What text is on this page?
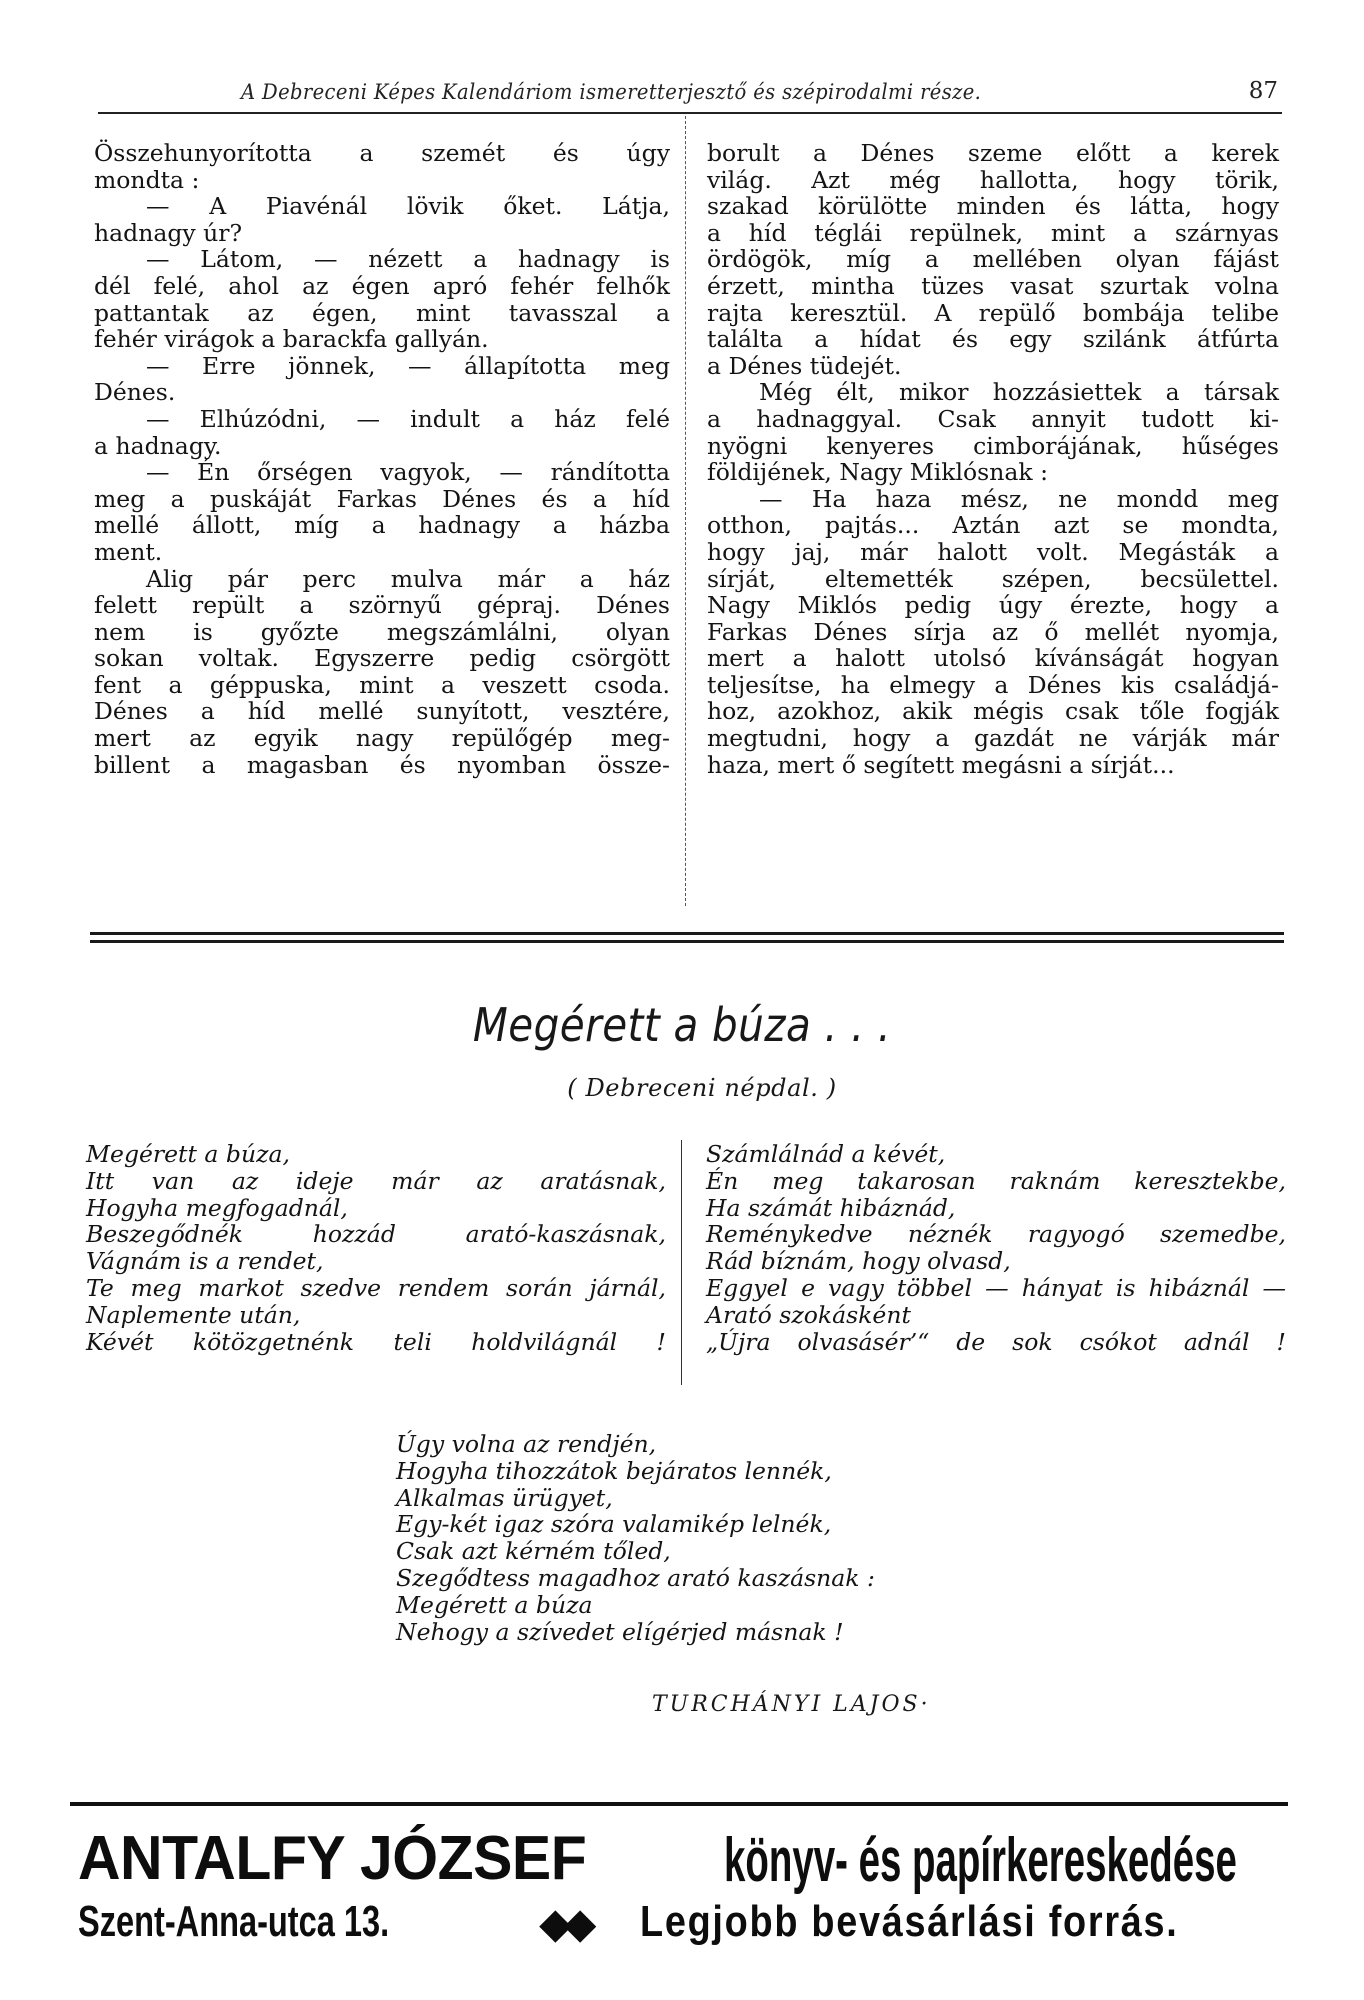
A Debreceni Képes Kalendáriom ismeretterjesztő és szépirodalmi része.	87
Összehunyorította a szemét és úgy
mondta :
— A Piavénál lövik őket. Látja,
hadnagy úr?
— Látom, — nézett a hadnagy is
dél felé, ahol az égen apró fehér felhők
pattantak az égen, mint tavasszal a
fehér virágok a barackfa gallyán.
— Erre jönnek, — állapította meg
Dénes.
— Elhúzódni, — indult a ház felé
a hadnagy.
— Én őrségen vagyok, — rándította
meg a puskáját Farkas Dénes és a híd
mellé állott, míg a hadnagy a házba
ment.
Alig pár perc mulva már a ház
felett repült a szörnyű gépraj. Dénes
nem is győzte megszámlálni, olyan
sokan voltak. Egyszerre pedig csörgött
fent a géppuska, mint a veszett csoda.
Dénes a híd mellé sunyított, vesztére,
mert az egyik nagy repülőgép meg-
billent a magasban és nyomban össze-
borult a Dénes szeme előtt a kerek
világ. Azt még hallotta, hogy törik,
szakad körülötte minden és látta, hogy
a híd téglái repülnek, mint a szárnyas
ördögök, míg a mellében olyan fájást
érzett, mintha tüzes vasat szurtak volna
rajta keresztül. A repülő bombája telibe
találta a hídat és egy szilánk átfúrta
a Dénes tüdejét.
Még élt, mikor hozzásiettek a társak
a hadnaggyal. Csak annyit tudott ki-
nyögni kenyeres cimborájának, hűséges
földijének, Nagy Miklósnak :
— Ha haza mész, ne mondd meg
otthon, pajtás... Aztán azt se mondta,
hogy jaj, már halott volt. Megásták a
sírját, eltemették szépen, becsülettel.
Nagy Miklós pedig úgy érezte, hogy a
Farkas Dénes sírja az ő mellét nyomja,
mert a halott utolsó kívánságát hogyan
teljesítse, ha elmegy a Dénes kis családjá-
hoz, azokhoz, akik mégis csak tőle fogják
megtudni, hogy a gazdát ne várják már
haza, mert ő segített megásni a sírját...
Megérett a búza . . .
( Debreceni népdal. )
Megérett a búza,
Itt van az ideje már az aratásnak,
Hogyha megfogadnál,
Beszegődnék hozzád arató-kaszásnak,
Vágnám is a rendet,
Te meg markot szedve rendem során járnál,
Naplemente után,
Kévét kötözgetnénk teli holdvilágnál !
Számlálnád a kévét,
Én meg takarosan raknám keresztekbe,
Ha számát hibáznád,
Reménykedve néznék ragyogó szemedbe,
Rád bíznám, hogy olvasd,
Eggyel e vagy többel — hányat is hibáznál —
Arató szokásként
„Újra olvasásér’“ de sok csókot adnál !
Úgy volna az rendjén,
Hogyha tihozzátok bejáratos lennék,
Alkalmas ürügyet,
Egy-két igaz szóra valamikép lelnék,
Csak azt kérném tőled,
Szegődtess magadhoz arató kaszásnak :
Megérett a búza
Nehogy a szívedet elígérjed másnak !
TURCHÁNYI LAJOS·
ANTALFY JÓZSEF könyv- és papírkereskedése
Szent-Anna-utca 13.	◆◆ Legjobb bevásárlási forrás.
